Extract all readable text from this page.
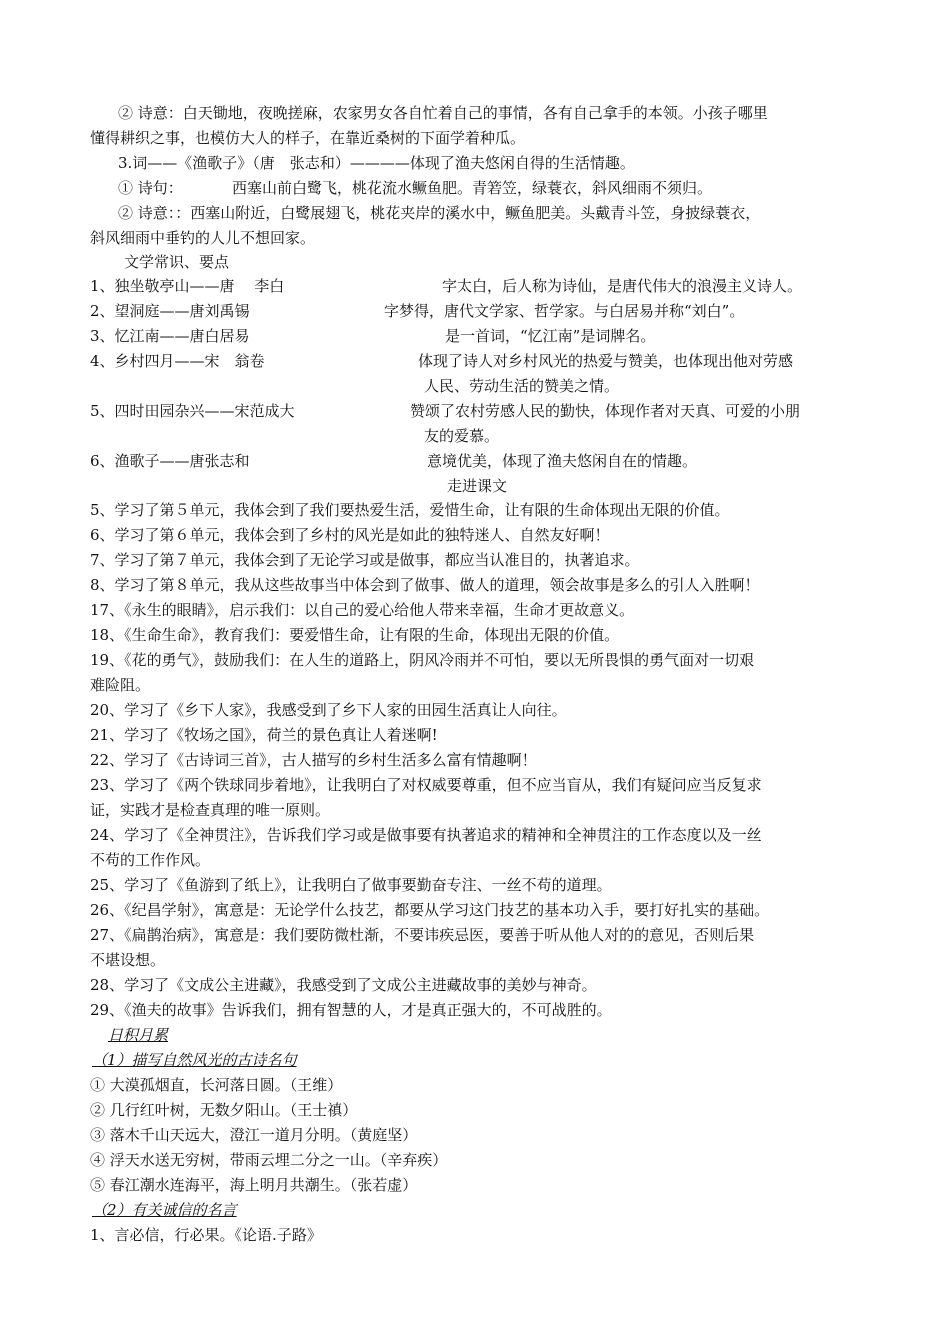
② 诗意：白天锄地，夜晚搓麻，农家男女各自忙着自己的事情，各有自己拿手的本领。小孩子哪里
懂得耕织之事，也模仿大人的样子，在靠近桑树的下面学着种瓜。
3.词——《渔歌子》（唐　张志和）————体现了渔夫悠闲自得的生活情趣。
① 诗句：	西塞山前白鹭飞，桃花流水鳜鱼肥。青箬笠，绿蓑衣，斜风细雨不须归。
② 诗意：：西塞山附近，白鹭展翅飞，桃花夹岸的溪水中，鳜鱼肥美。头戴青斗笠，身披绿蓑衣，
斜风细雨中垂钓的人儿不想回家。
文学常识、要点
1、独坐敬亭山——唐　 李白	字太白，后人称为诗仙，是唐代伟大的浪漫主义诗人。
2、望洞庭——唐刘禹锡	字梦得，唐代文学家、哲学家。与白居易并称“刘白”。
3、忆江南——唐白居易	是一首词，“忆江南”是词牌名。
4、乡村四月——宋　翁卷	体现了诗人对乡村风光的热爱与赞美，也体现出他对劳感
人民、劳动生活的赞美之情。
5、四时田园杂兴——宋范成大	赞颂了农村劳感人民的勤快，体现作者对天真、可爱的小朋
友的爱慕。
6、渔歌子——唐张志和	意境优美，体现了渔夫悠闲自在的情趣。
走进课文
5、学习了第５单元，我体会到了我们要热爱生活，爱惜生命，让有限的生命体现出无限的价值。
6、学习了第６单元，我体会到了乡村的风光是如此的独特迷人、自然友好啊！
7、学习了第７单元，我体会到了无论学习或是做事，都应当认准目的，执著追求。
8、学习了第８单元，我从这些故事当中体会到了做事、做人的道理，领会故事是多么的引人入胜啊！
17、《永生的眼睛》，启示我们：以自己的爱心给他人带来幸福，生命才更故意义。
18、《生命生命》，教育我们：要爱惜生命，让有限的生命，体现出无限的价值。
19、《花的勇气》，鼓励我们：在人生的道路上，阴风冷雨并不可怕，要以无所畏惧的勇气面对一切艰
难险阻。
20、学习了《乡下人家》，我感受到了乡下人家的田园生活真让人向往。
21、学习了《牧场之国》，荷兰的景色真让人着迷啊!
22、学习了《古诗词三首》，古人描写的乡村生活多么富有情趣啊！
23、学习了《两个铁球同步着地》，让我明白了对权威要尊重，但不应当盲从，我们有疑问应当反复求
证，实践才是检查真理的唯一原则。
24、学习了《全神贯注》，告诉我们学习或是做事要有执著追求的精神和全神贯注的工作态度以及一丝
不苟的工作作风。
25、学习了《鱼游到了纸上》，让我明白了做事要勤奋专注、一丝不苟的道理。
26、《纪昌学射》，寓意是：无论学什么技艺，都要从学习这门技艺的基本功入手，要打好扎实的基础。
27、《扁鹊治病》，寓意是：我们要防微杜渐，不要讳疾忌医，要善于听从他人对的的意见，否则后果
不堪设想。
28、学习了《文成公主进藏》，我感受到了文成公主进藏故事的美妙与神奇。
29、《渔夫的故事》告诉我们，拥有智慧的人，才是真正强大的，不可战胜的。
日积月累
（1）描写自然风光的古诗名句
① 大漠孤烟直，长河落日圆。（王维）
② 几行红叶树，无数夕阳山。（王士禛）
③ 落木千山天远大，澄江一道月分明。（黄庭坚）
④ 浮天水送无穷树，带雨云埋二分之一山。（辛弃疾）
⑤ 春江潮水连海平，海上明月共潮生。（张若虚）
（2）有关诚信的名言
1、言必信，行必果。《论语.子路》
